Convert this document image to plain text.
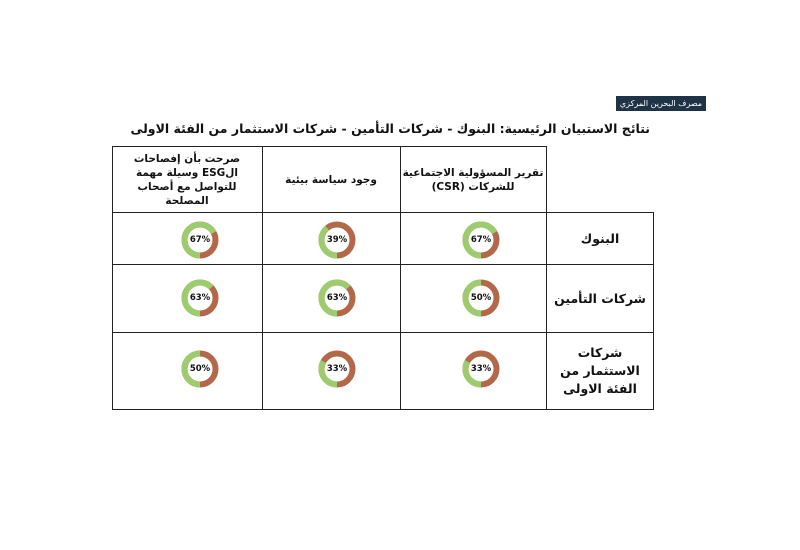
مصرف البحرين المركزي
نتائج الاستبيان الرئيسية: البنوك - شركات التأمين - شركات الاستثمار من الفئة الاولى
تقرير المسؤولية الاجتماعية للشركات (CSR)
وجود سياسة بيئية
صرحت بأن إفصاحات الESG وسيلة مهمة للتواصل مع أصحاب المصلحة
البنوك
شركات التأمين
شركات الاستثمار من الفئة الاولى
67%
39%
67%
50%
63%
63%
33%
33%
50%
